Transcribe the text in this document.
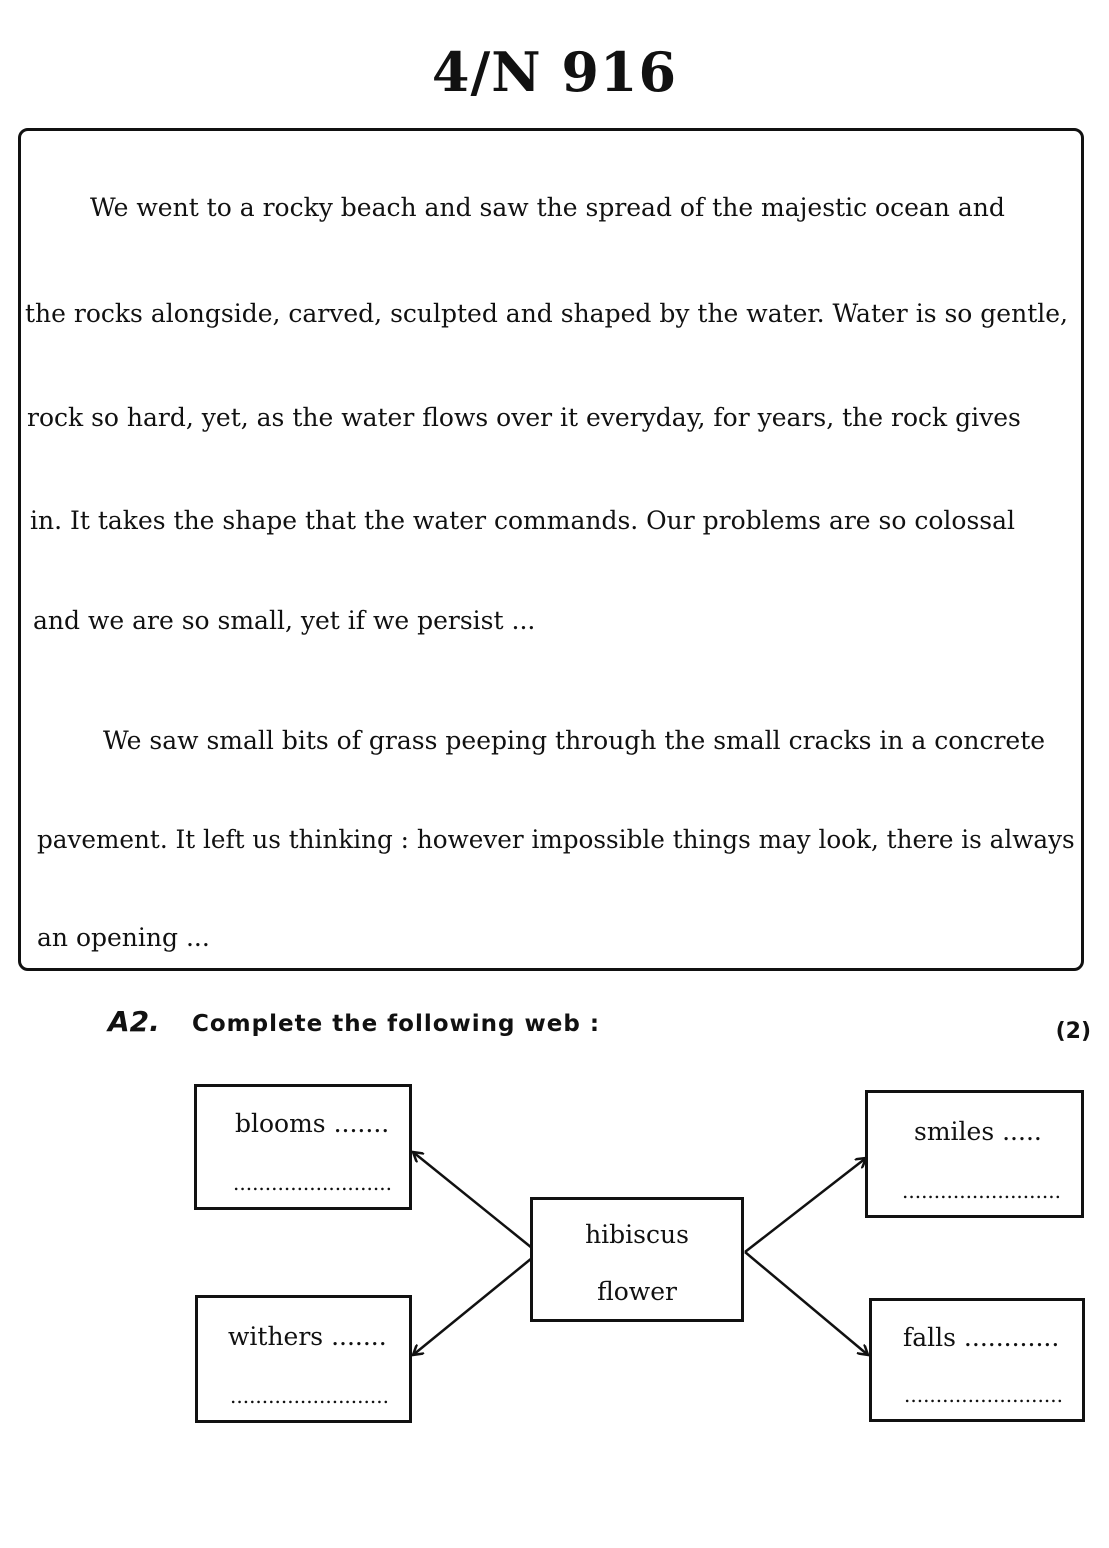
4/N 916
We went to a rocky beach and saw the spread of the majestic ocean and
the rocks alongside, carved, sculpted and shaped by the water. Water is so gentle,
rock so hard, yet, as the water flows over it everyday, for years, the rock gives
in. It takes the shape that the water commands. Our problems are so colossal
and we are so small, yet if we persist ...
We saw small bits of grass peeping through the small cracks in a concrete
pavement. It left us thinking : however impossible things may look, there is always
an opening ...
A2. Complete the following web :	(2)
hibiscus
flower
blooms .......
.........................
withers .......
.........................
smiles .....
.........................
falls ............
.........................
